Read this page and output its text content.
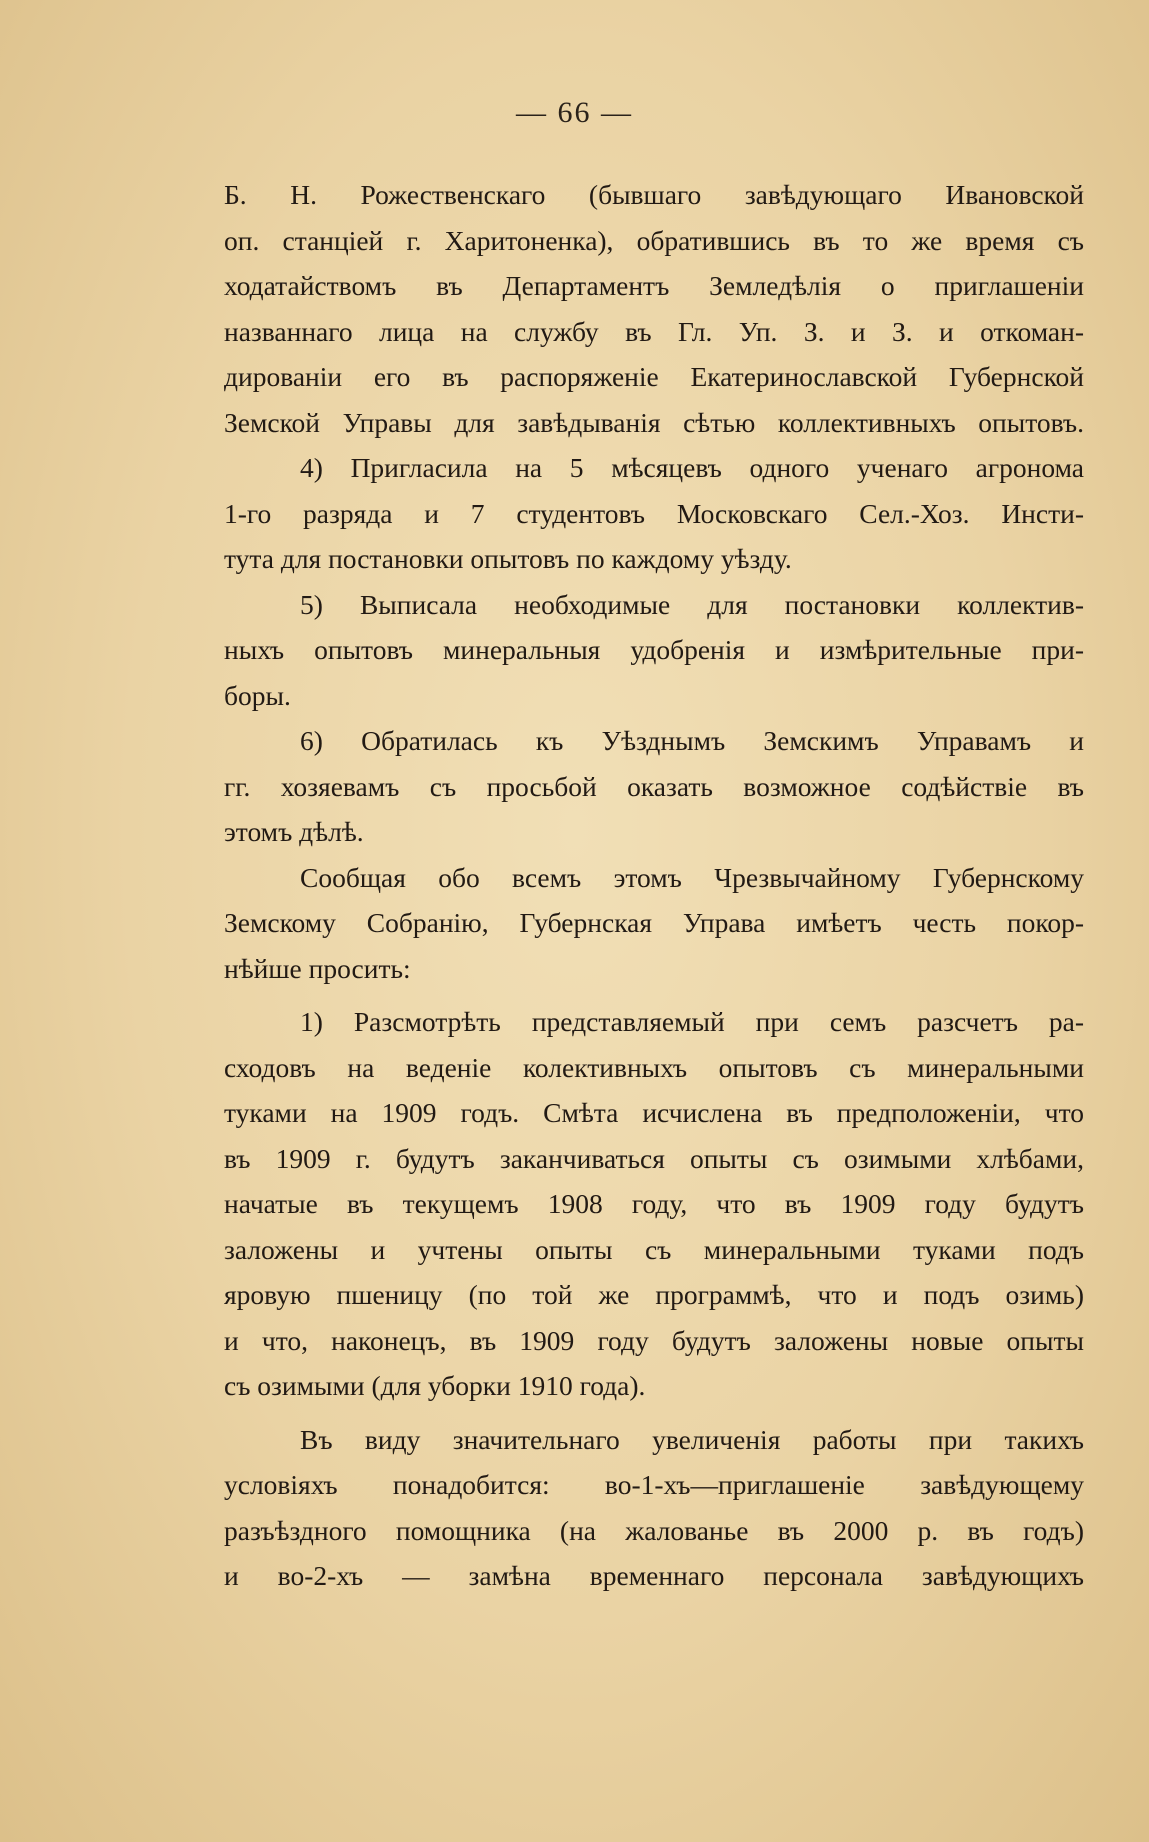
— 66 —
Б. Н. Рожественскаго (бывшаго завѣдующаго Ивановской
оп. станціей г. Харитоненка), обратившись въ то же время съ
ходатайствомъ въ Департаментъ Земледѣлія о приглашеніи
названнаго лица на службу въ Гл. Уп. З. и З. и откоман-
дированіи его въ распоряженіе Екатеринославской Губернской
Земской Управы для завѣдыванія сѣтью коллективныхъ опытовъ.
4) Пригласила на 5 мѣсяцевъ одного ученаго агронома
1-го разряда и 7 студентовъ Московскаго Сел.-Хоз. Инсти-
тута для постановки опытовъ по каждому уѣзду.
5) Выписала необходимые для постановки коллектив-
ныхъ опытовъ минеральныя удобренія и измѣрительные при-
боры.
6) Обратилась къ Уѣзднымъ Земскимъ Управамъ и
гг. хозяевамъ съ просьбой оказать возможное содѣйствіе въ
этомъ дѣлѣ.
Сообщая обо всемъ этомъ Чрезвычайному Губернскому
Земскому Собранію, Губернская Управа имѣетъ честь покор-
нѣйше просить:
1) Разсмотрѣть представляемый при семъ разсчетъ ра-
сходовъ на веденіе колективныхъ опытовъ съ минеральными
туками на 1909 годъ. Смѣта исчислена въ предположеніи, что
въ 1909 г. будутъ заканчиваться опыты съ озимыми хлѣбами,
начатые въ текущемъ 1908 году, что въ 1909 году будутъ
заложены и учтены опыты съ минеральными туками подъ
яровую пшеницу (по той же программѣ, что и подъ озимь)
и что, наконецъ, въ 1909 году будутъ заложены новые опыты
съ озимыми (для уборки 1910 года).
Въ виду значительнаго увеличенія работы при такихъ
условіяхъ понадобится: во-1-хъ—приглашеніе завѣдующему
разъѣздного помощника (на жалованье въ 2000 р. въ годъ)
и во-2-хъ — замѣна временнаго персонала завѣдующихъ
